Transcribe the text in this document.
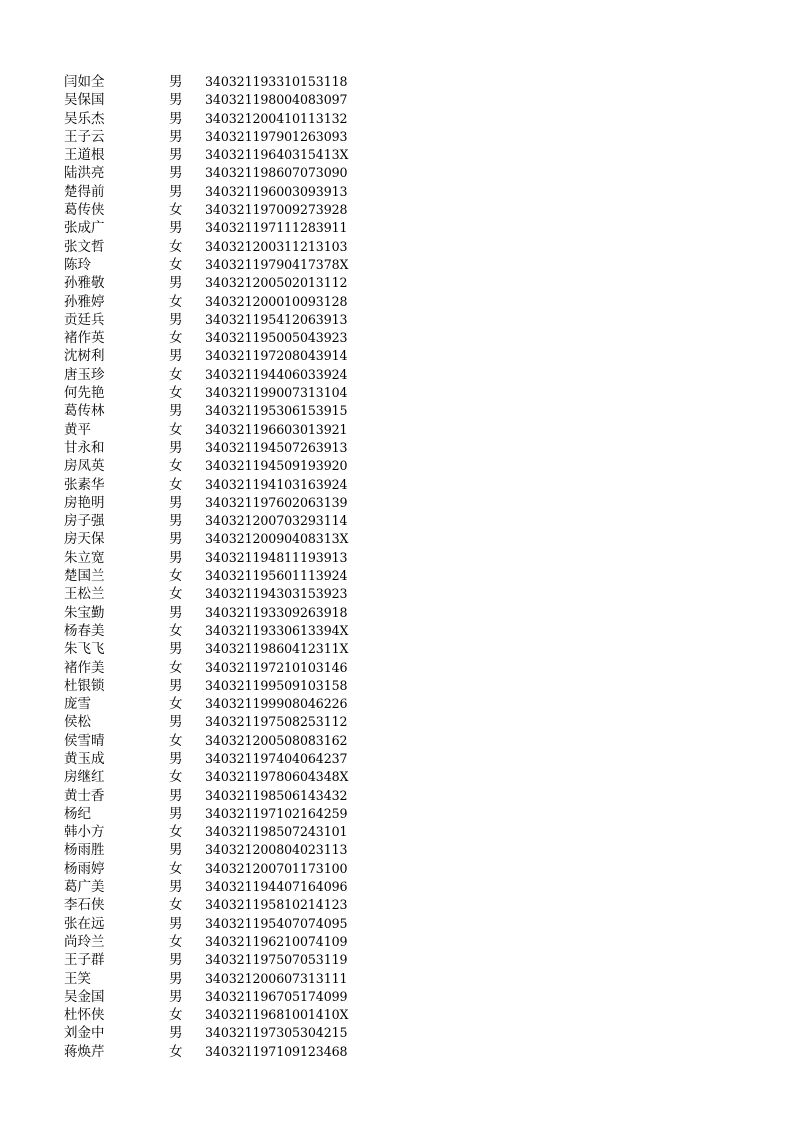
闫如全	男	340321193310153118
吴保国	男	340321198004083097
吴乐杰	男	340321200410113132
王子云	男	340321197901263093
王道根	男	34032119640315413X
陆洪亮	男	340321198607073090
楚得前	男	340321196003093913
葛传侠	女	340321197009273928
张成广	男	340321197111283911
张文哲	女	340321200311213103
陈玲	女	34032119790417378X
孙雅敬	男	340321200502013112
孙雅婷	女	340321200010093128
贡廷兵	男	340321195412063913
褚作英	女	340321195005043923
沈树利	男	340321197208043914
唐玉珍	女	340321194406033924
何先艳	女	340321199007313104
葛传林	男	340321195306153915
黄平	女	340321196603013921
甘永和	男	340321194507263913
房凤英	女	340321194509193920
张素华	女	340321194103163924
房艳明	男	340321197602063139
房子强	男	340321200703293114
房天保	男	34032120090408313X
朱立宽	男	340321194811193913
楚国兰	女	340321195601113924
王松兰	女	340321194303153923
朱宝勤	男	340321193309263918
杨春美	女	34032119330613394X
朱飞飞	男	34032119860412311X
褚作美	女	340321197210103146
杜银锁	男	340321199509103158
庞雪	女	340321199908046226
侯松	男	340321197508253112
侯雪晴	女	340321200508083162
黄玉成	男	340321197404064237
房继红	女	34032119780604348X
黄士香	男	340321198506143432
杨纪	男	340321197102164259
韩小方	女	340321198507243101
杨雨胜	男	340321200804023113
杨雨婷	女	340321200701173100
葛广美	男	340321194407164096
李石侠	女	340321195810214123
张在远	男	340321195407074095
尚玲兰	女	340321196210074109
王子群	男	340321197507053119
王笑	男	340321200607313111
吴金国	男	340321196705174099
杜怀侠	女	34032119681001410X
刘金中	男	340321197305304215
蒋焕芹	女	340321197109123468
